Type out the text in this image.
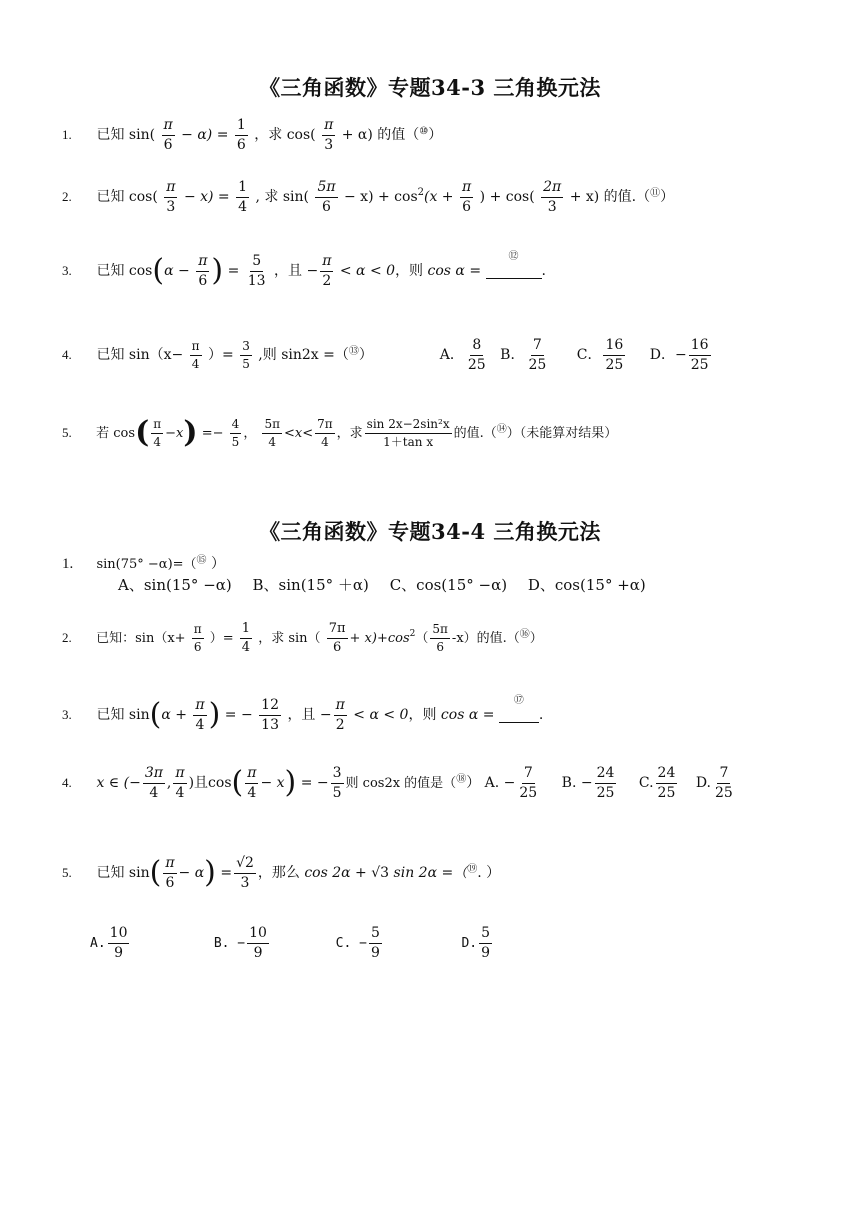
《三角函数》专题34-3 三角换元法
1. 已知 $\sin( \frac{\pi}{6} - \alpha) = \frac{1}{6}$ ，求 $\cos( \frac{\pi}{3} + \alpha)$ 的值（⑩）
2. 已知 $\cos( \frac{\pi}{3} - x) = \frac{1}{4}$ , 求 $\sin( \frac{5\pi}{6} - x) + \cos 2(x + \frac{\pi}{6}$ ) + $\cos( \frac{2\pi}{3} + x)$ 的值.（⑪）
3. 已知 $\cos(\alpha - \frac{\pi}{6}$ ) = $\frac{5}{13}$ ，且 − $\frac{\pi}{2} < \alpha < 0$，则 cos α =
⑫
.
4. 已知 $\sin(x- \frac{\pi}{4}$ ）= $\frac{3}{5}$ ,则 sin2x =（⑬）	A． $\frac{8}{25}$ B． $\frac{7}{25}$ C． $\frac{16}{25}$ D．− $\frac{16}{25}$
5. 若 $\cos( \frac{\pi}{4} -x) =- \frac{4}{5}$ ， $\frac{5\pi}{4} <x< \frac{7\pi}{4}$ ，求 $\frac{\text{sin 2x−2sin²x}}{\text{1＋tan x}}$ 的值.（⑭）（未能算对结果）
《三角函数》专题34-4 三角换元法
1. sin(75° −α)=（⑮ ）
A、sin(15° −α) B、sin(15° ＋α) C、cos(15° −α) D、cos(15° +α)
2. 已知：$\sin(x+ \frac{\pi}{6}$ ）= $\frac{1}{4}$ ，求 $\sin( \frac{7\pi}{6} + x)+\cos 2( \frac{5\pi}{6} -x)$的值.（⑯）
3. 已知 $\sin(\alpha + \frac{\pi}{4}$ ) = − $\frac{12}{13}$ ，且 − $\frac{\pi}{2} < \alpha < 0$，则 cos α =
⑰
.
4. x ∈ (− $\frac{3\pi}{4}$ , $\frac{\pi}{4}$ )且$\cos( \frac{\pi}{4} - x)$ = − $\frac{3}{5}$ 则 cos2x 的值是（⑱） A. − $\frac{7}{25} B$. − $\frac{24}{25} C$. $\frac{24}{25} D$. $\frac{7}{25}$
5. 已知 $\sin( \frac{\pi}{6} - \alpha) = \frac{√2}{3}$ ，那么 cos 2α + √3 sin 2α =（⑲. ）
A. $\frac{10}{9}$	B. − $\frac{10}{9}$	C. − $\frac{5}{9}$	D. $\frac{5}{9}$
